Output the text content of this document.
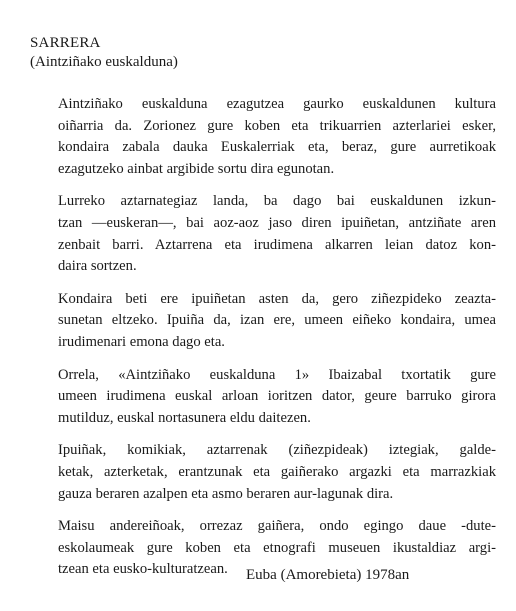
SARRERA
(Aintziñako euskalduna)

Aintziñako euskalduna ezagutzea gaurko euskaldunen kultura
oiñarria da. Zorionez gure koben eta trikuarrien azterlariei esker,
kondaira zabala dauka Euskalerriak eta, beraz, gure aurretikoak
ezagutzeko ainbat argibide sortu dira egunotan.

Lurreko aztarnategiaz landa, ba dago bai euskaldunen izkun-
tzan —euskeran—, bai aoz-aoz jaso diren ipuiñetan, antziñate aren
zenbait barri. Aztarrena eta irudimena alkarren leian datoz kon-
daira sortzen.

Kondaira beti ere ipuiñetan asten da, gero ziñezpideko zeazta-
sunetan eltzeko. Ipuiña da, izan ere, umeen eiñeko kondaira, umea
irudimenari emona dago eta.

Orrela, «Aintziñako euskalduna 1» Ibaizabal txortatik gure
umeen irudimena euskal arloan ioritzen dator, geure barruko girora
mutilduz, euskal nortasunera eldu daitezen.

Ipuiñak, komikiak, aztarrenak (ziñezpideak) iztegiak, galde-
ketak, azterketak, erantzunak eta gaiñerako argazki eta marrazkiak
gauza beraren azalpen eta asmo beraren aur-lagunak dira.

Maisu andereiñoak, orrezaz gaiñera, ondo egingo daue -dute-
eskolaumeak gure koben eta etnografi museuen ikustaldiaz argi-
tzean eta eusko-kulturatzean.	Euba (Amorebieta) 1978an
